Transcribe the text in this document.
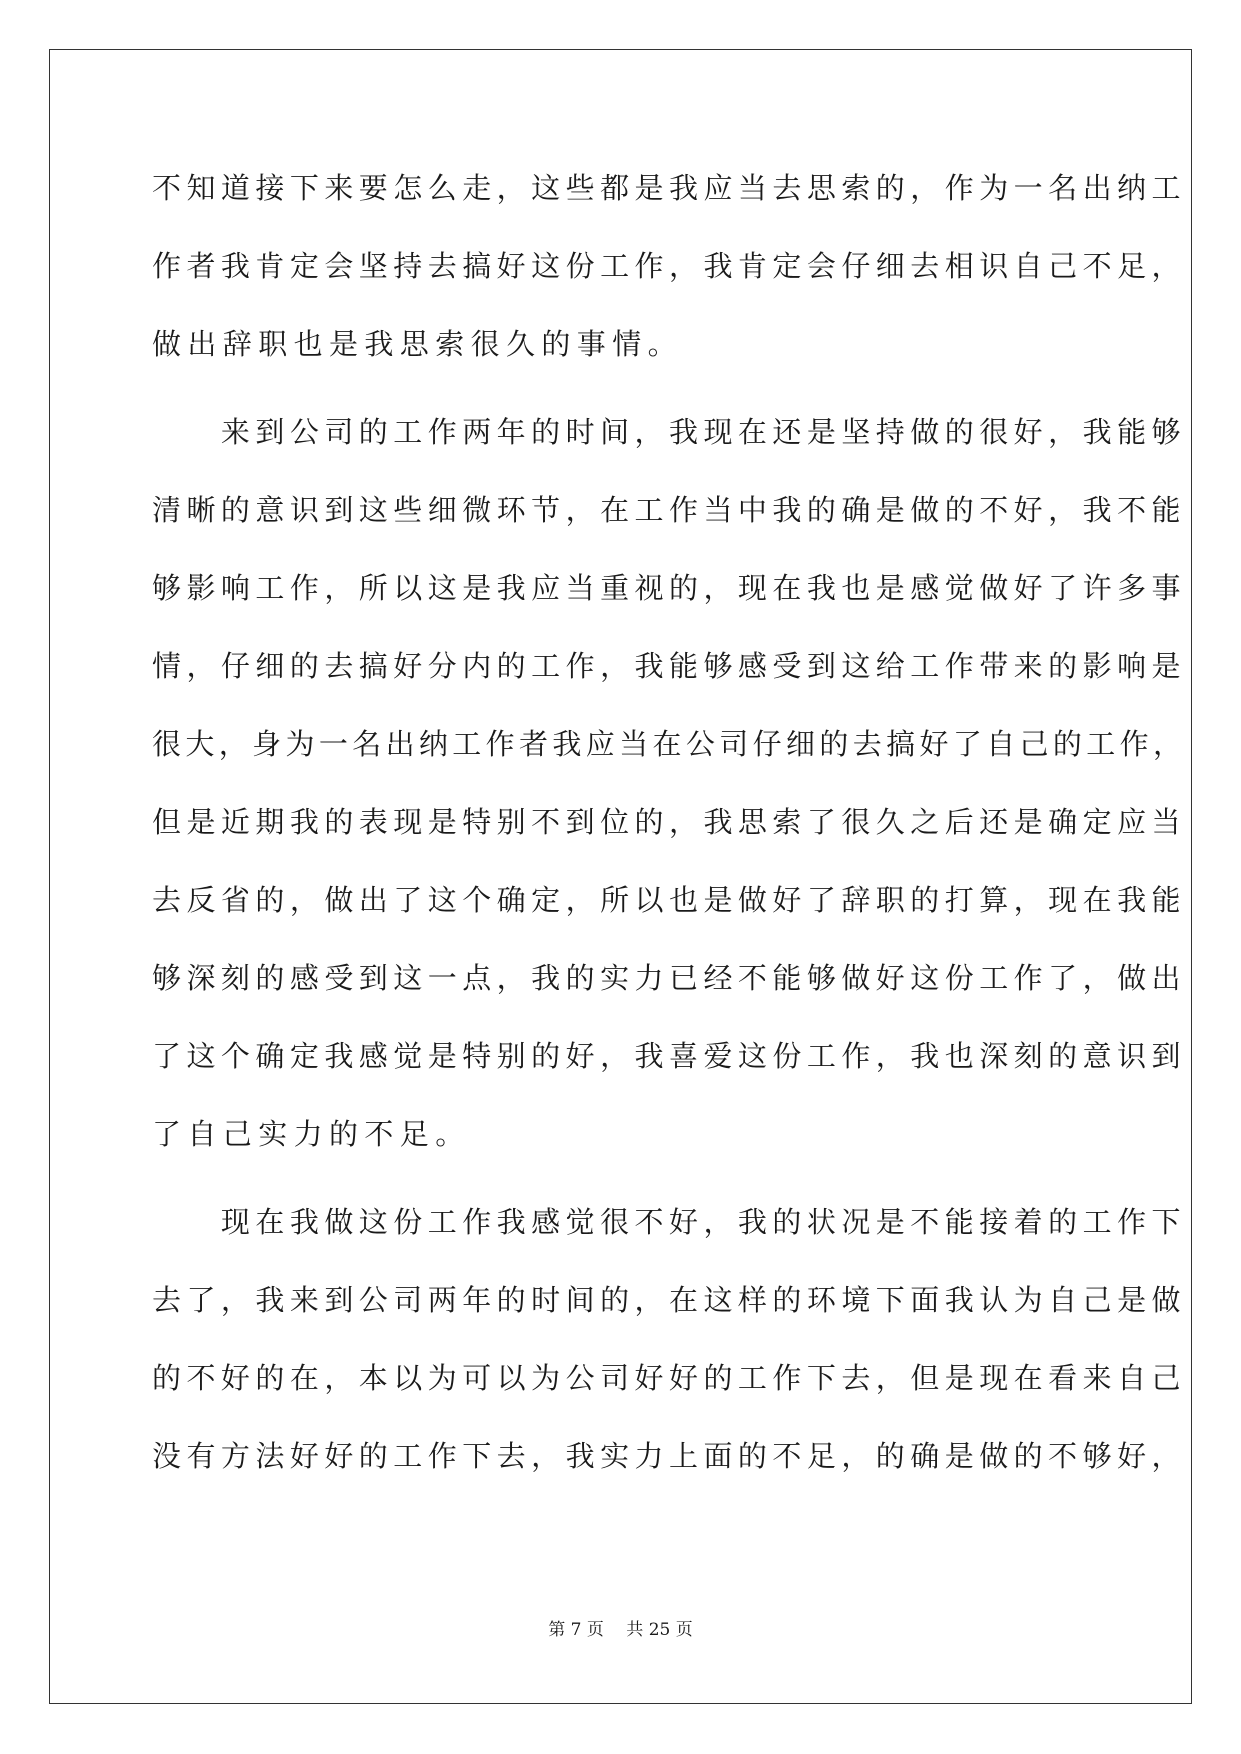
不知道接下来要怎么走，这些都是我应当去思索的，作为一名出纳工

作者我肯定会坚持去搞好这份工作，我肯定会仔细去相识自己不足，

做出辞职也是我思索很久的事情。

　　来到公司的工作两年的时间，我现在还是坚持做的很好，我能够

清晰的意识到这些细微环节，在工作当中我的确是做的不好，我不能

够影响工作，所以这是我应当重视的，现在我也是感觉做好了许多事

情，仔细的去搞好分内的工作，我能够感受到这给工作带来的影响是

很大，身为一名出纳工作者我应当在公司仔细的去搞好了自己的工作，

但是近期我的表现是特别不到位的，我思索了很久之后还是确定应当

去反省的，做出了这个确定，所以也是做好了辞职的打算，现在我能

够深刻的感受到这一点，我的实力已经不能够做好这份工作了，做出

了这个确定我感觉是特别的好，我喜爱这份工作，我也深刻的意识到

了自己实力的不足。

　　现在我做这份工作我感觉很不好，我的状况是不能接着的工作下

去了，我来到公司两年的时间的，在这样的环境下面我认为自己是做

的不好的在，本以为可以为公司好好的工作下去，但是现在看来自己

没有方法好好的工作下去，我实力上面的不足，的确是做的不够好，

第 7 页　 共 25 页
